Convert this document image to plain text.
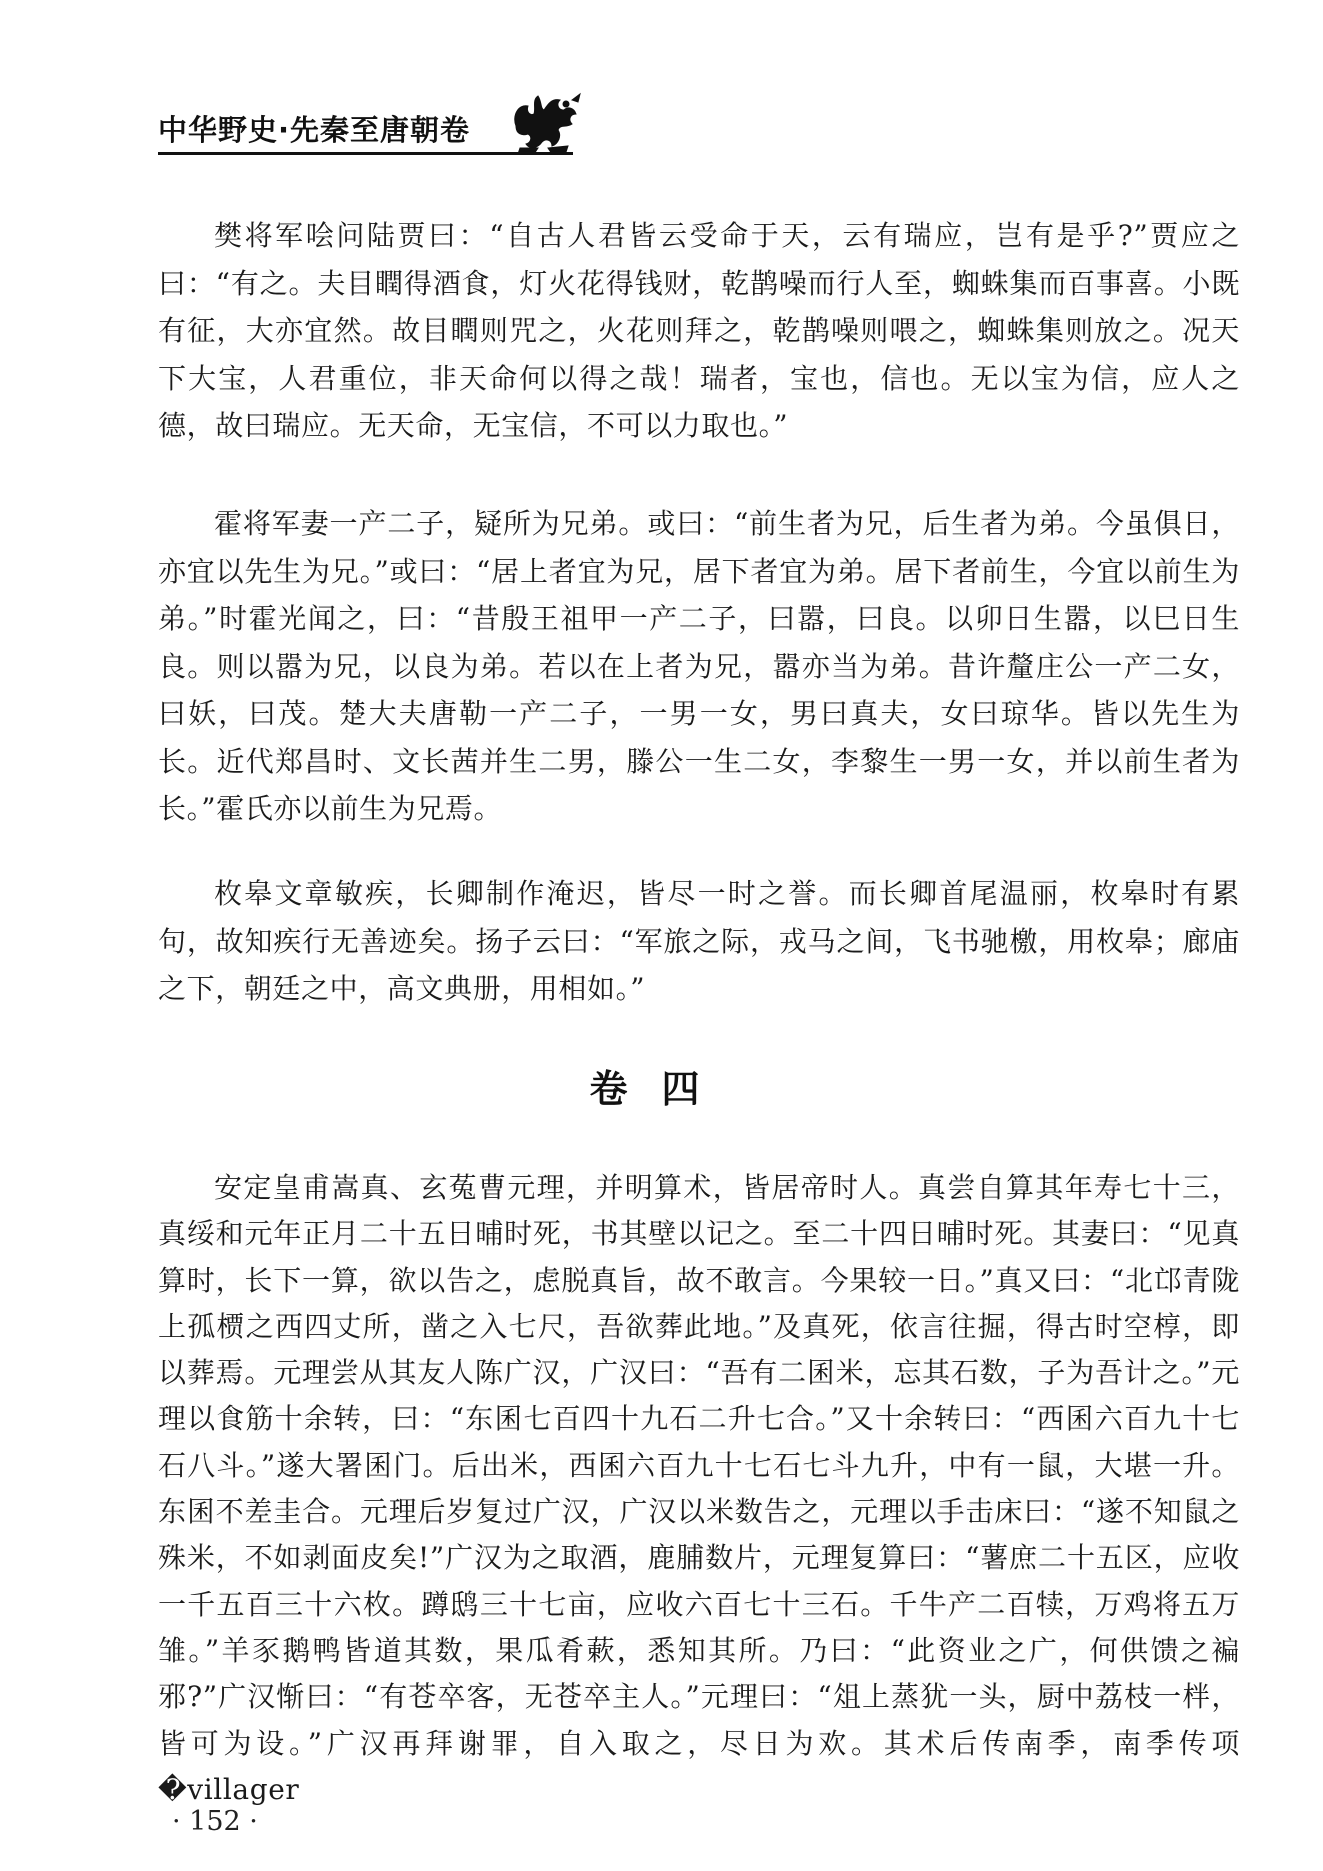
中华野史·先秦至唐朝卷

樊将军哙问陆贾曰：“自古人君皆云受命于天，云有瑞应，岂有是乎?”贾应之曰：“有之。夫目瞤得酒食，灯火花得钱财，乾鹊噪而行人至，蜘蛛集而百事喜。小既有征，大亦宜然。故目瞤则咒之，火花则拜之，乾鹊噪则喂之，蜘蛛集则放之。况天下大宝，人君重位，非天命何以得之哉！瑞者，宝也，信也。无以宝为信，应人之德，故曰瑞应。无天命，无宝信，不可以力取也。”

霍将军妻一产二子，疑所为兄弟。或曰：“前生者为兄，后生者为弟。今虽俱日，亦宜以先生为兄。”或曰：“居上者宜为兄，居下者宜为弟。居下者前生，今宜以前生为弟。”时霍光闻之，曰：“昔殷王祖甲一产二子，曰嚣，曰良。以卯日生嚣，以巳日生良。则以嚣为兄，以良为弟。若以在上者为兄，嚣亦当为弟。昔许釐庄公一产二女，曰妖，曰茂。楚大夫唐勒一产二子，一男一女，男曰真夫，女曰琼华。皆以先生为长。近代郑昌时、文长茜并生二男，滕公一生二女，李黎生一男一女，并以前生者为长。”霍氏亦以前生为兄焉。

枚皋文章敏疾，长卿制作淹迟，皆尽一时之誉。而长卿首尾温丽，枚皋时有累句，故知疾行无善迹矣。扬子云曰：“军旅之际，戎马之间，飞书驰檄，用枚皋；廊庙之下，朝廷之中，高文典册，用相如。”

卷四

安定皇甫嵩真、玄菟曹元理，并明算术，皆居帝时人。真尝自算其年寿七十三，真绥和元年正月二十五日晡时死，书其壁以记之。至二十四日晡时死。其妻曰：“见真算时，长下一算，欲以告之，虑脱真旨，故不敢言。今果较一日。”真又曰：“北邙青陇上孤槚之西四丈所，凿之入七尺，吾欲葬此地。”及真死，依言往掘，得古时空椁，即以葬焉。元理尝从其友人陈广汉，广汉曰：“吾有二囷米，忘其石数，子为吾计之。”元理以食筋十余转，曰：“东囷七百四十九石二升七合。”又十余转曰：“西囷六百九十七石八斗。”遂大署囷门。后出米，西囷六百九十七石七斗九升，中有一鼠，大堪一升。东囷不差圭合。元理后岁复过广汉，广汉以米数告之，元理以手击床曰：“遂不知鼠之殊米，不如剥面皮矣!”广汉为之取酒，鹿脯数片，元理复算曰：“薯庶二十五区，应收一千五百三十六枚。蹲鸱三十七亩，应收六百七十三石。千牛产二百犊，万鸡将五万雏。”羊豕鹅鸭皆道其数，果瓜肴蔌，悉知其所。乃曰：“此资业之广，何供馈之褊邪?”广汉惭曰：“有苍卒客，无苍卒主人。”元理曰：“俎上蒸犹一头，厨中荔枝一柈，皆可为设。”广汉再拜谢罪，自入取之，尽日为欢。其术后传南季，南季传项�villager

· 152 ·
